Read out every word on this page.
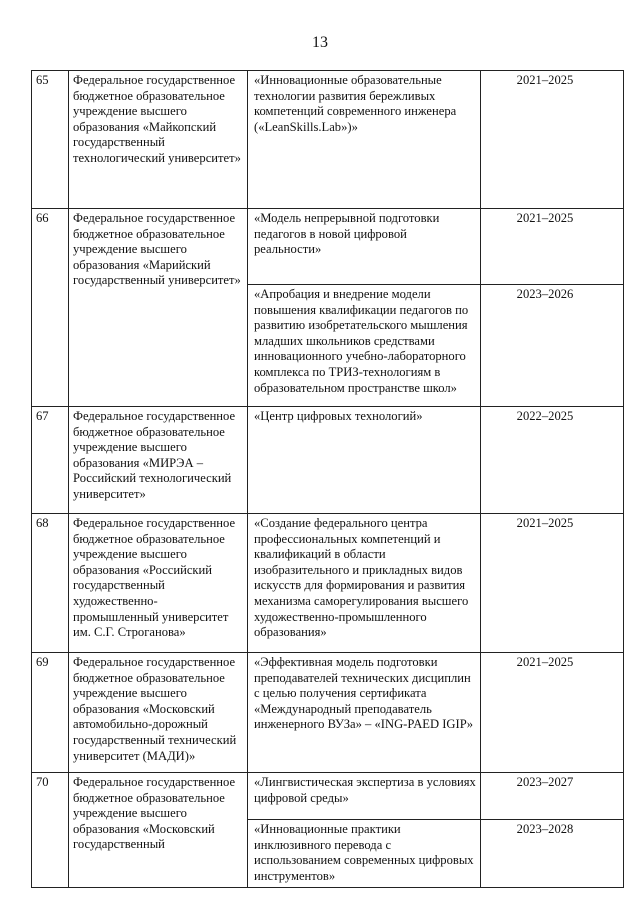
13
65	Федеральное государственное бюджетное образовательное учреждение высшего образования «Майкопский государственный технологический университет»	«Инновационные образовательные технологии развития бережливых компетенций современного инженера («LeanSkills.Lab»)»	2021–2025
66	Федеральное государственное бюджетное образовательное учреждение высшего образования «Марийский государственный университет»	«Модель непрерывной подготовки педагогов в новой цифровой реальности»	2021–2025
		«Апробация и внедрение модели повышения квалификации педагогов по развитию изобретательского мышления младших школьников средствами инновационного учебно-лабораторного комплекса по ТРИЗ-технологиям в образовательном пространстве школ»	2023–2026
67	Федеральное государственное бюджетное образовательное учреждение высшего образования «МИРЭА – Российский технологический университет»	«Центр цифровых технологий»	2022–2025
68	Федеральное государственное бюджетное образовательное учреждение высшего образования «Российский государственный художественно-промышленный университет им. С.Г. Строганова»	«Создание федерального центра профессиональных компетенций и квалификаций в области изобразительного и прикладных видов искусств для формирования и развития механизма саморегулирования высшего художественно-промышленного образования»	2021–2025
69	Федеральное государственное бюджетное образовательное учреждение высшего образования «Московский автомобильно-дорожный государственный технический университет (МАДИ)»	«Эффективная модель подготовки преподавателей технических дисциплин с целью получения сертификата «Международный преподаватель инженерного ВУЗа» – «ING-PAED IGIP»	2021–2025
70	Федеральное государственное бюджетное образовательное учреждение высшего образования «Московский государственный	«Лингвистическая экспертиза в условиях цифровой среды»	2023–2027
		«Инновационные практики инклюзивного перевода с использованием современных цифровых инструментов»	2023–2028
